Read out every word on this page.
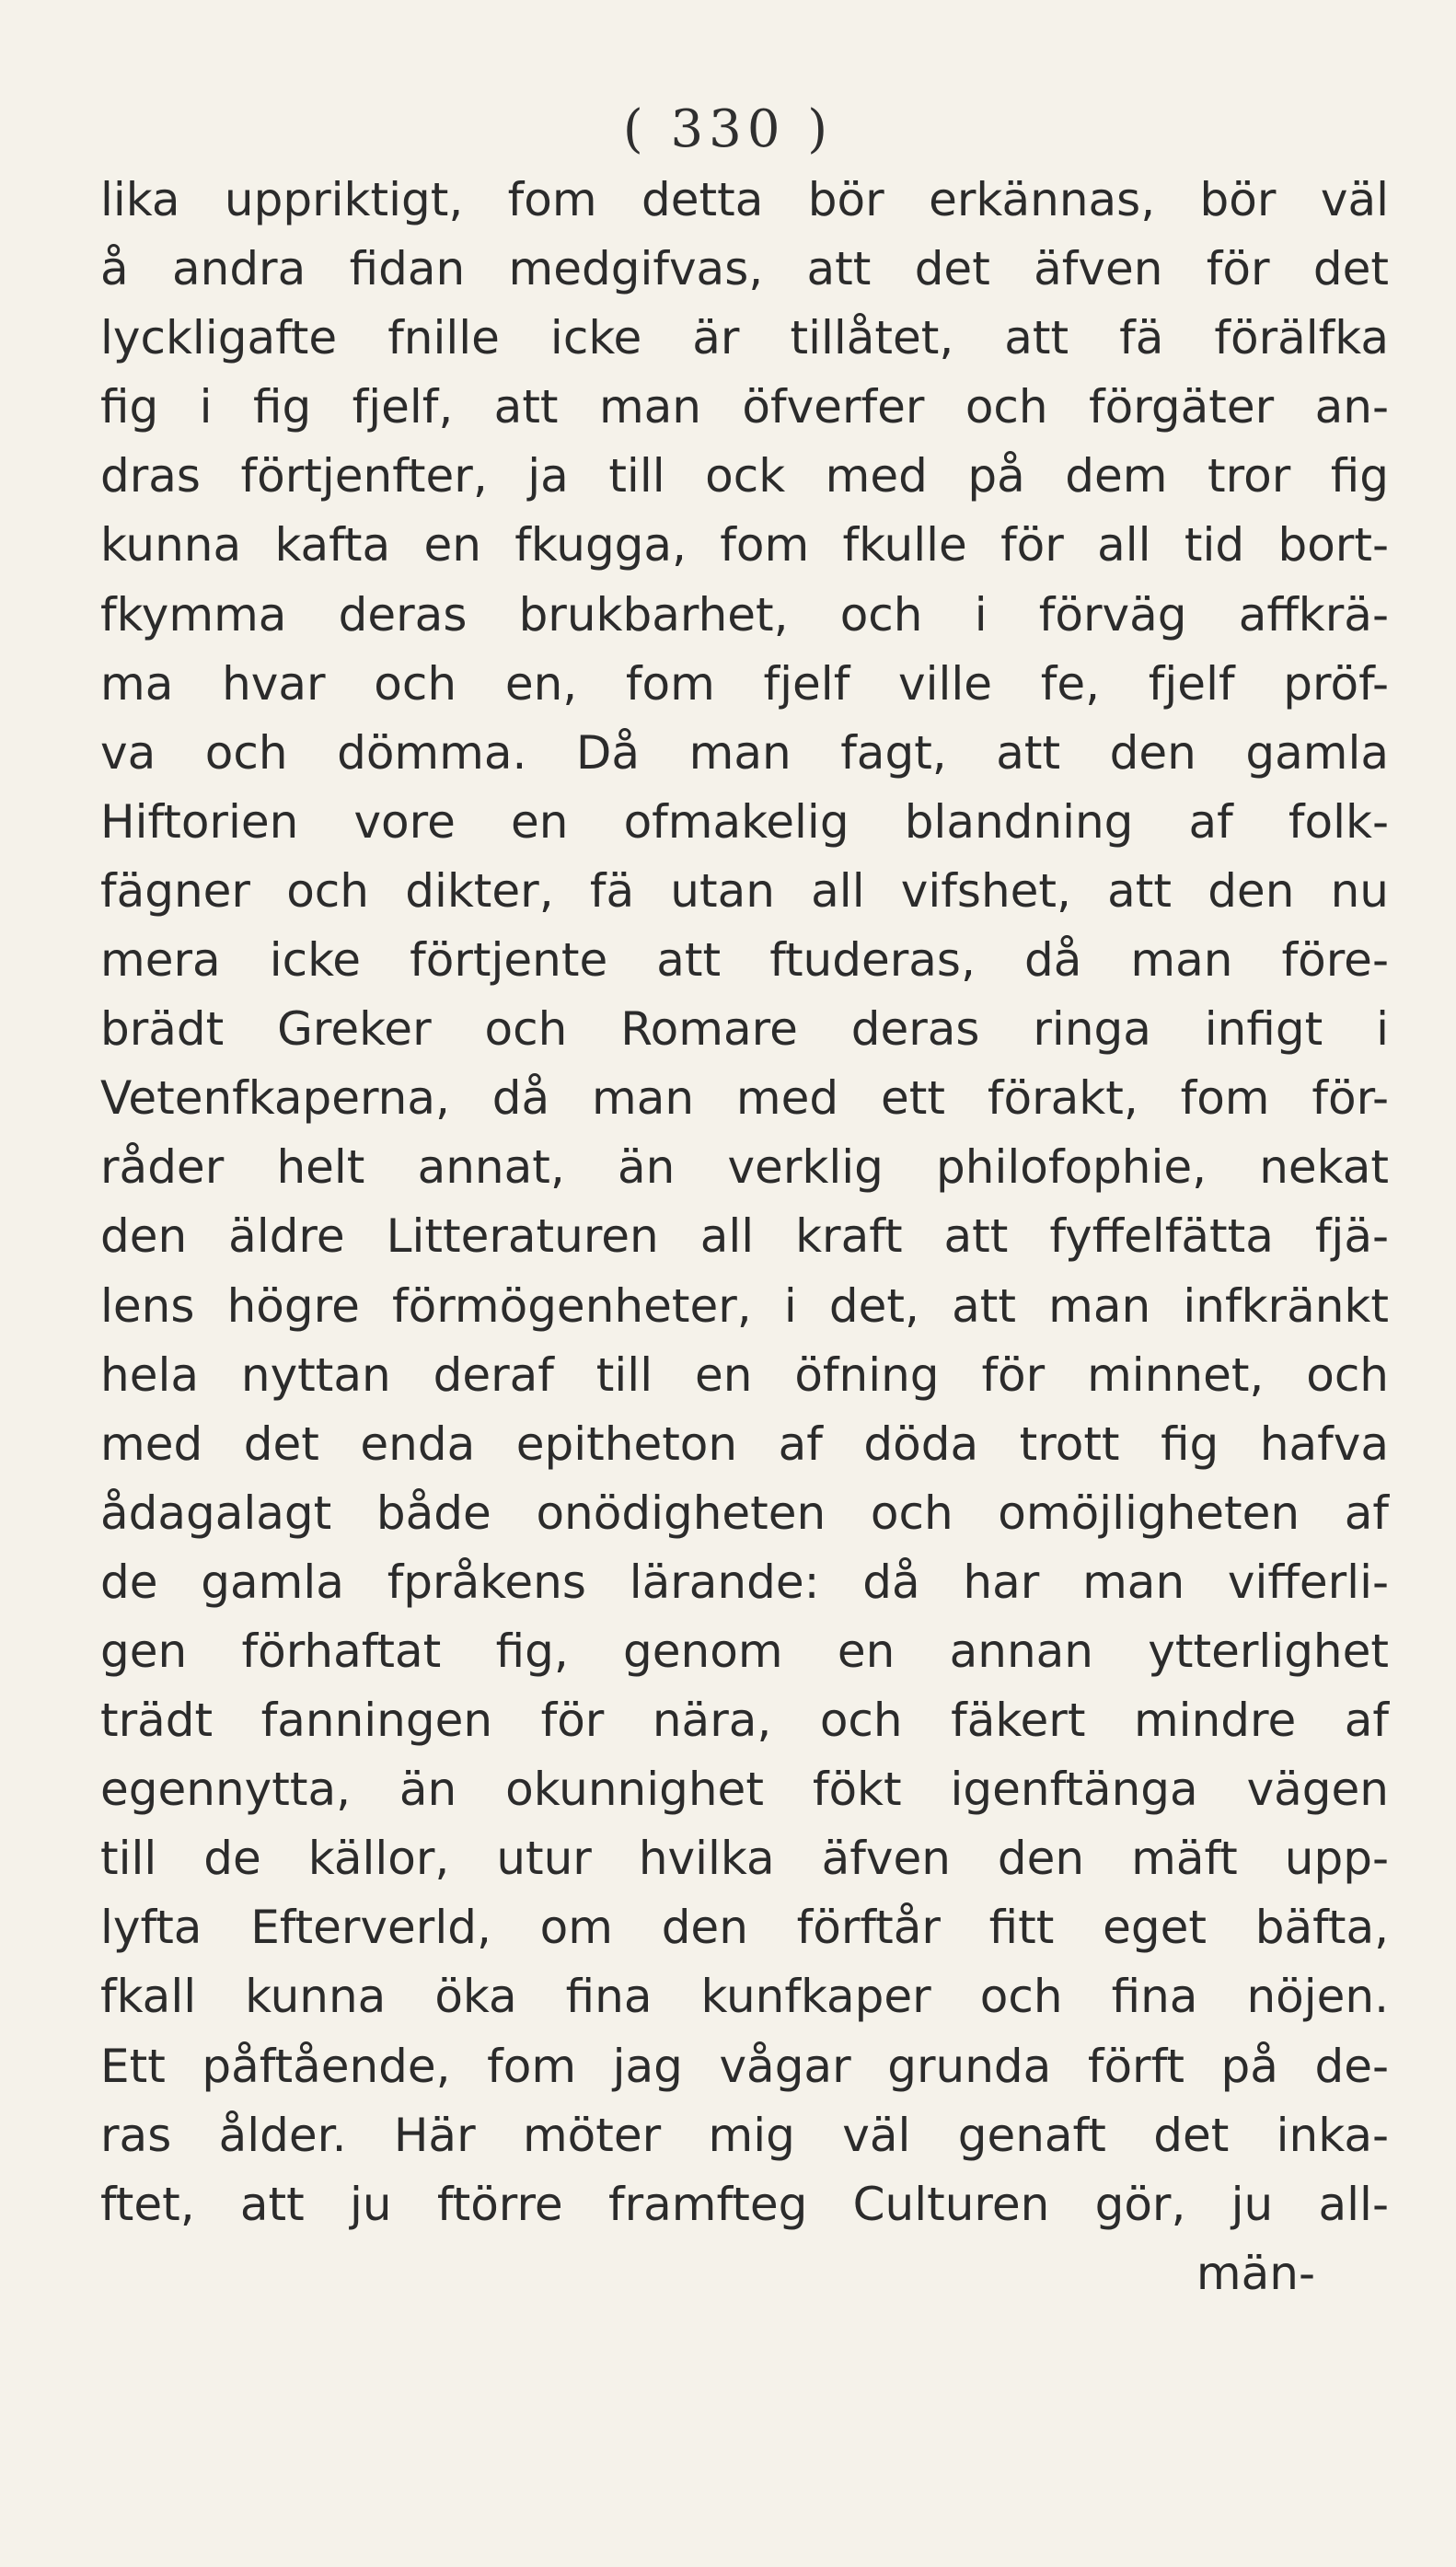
( 330 )
lika uppriktigt, fom detta bör erkännas, bör väl
å andra fidan medgifvas, att det äfven för det
lyckligafte fnille icke är tillåtet, att fä förälfka
fig i fig fjelf, att man öfverfer och förgäter an-
dras förtjenfter, ja till ock med på dem tror fig
kunna kafta en fkugga, fom fkulle för all tid bort-
fkymma deras brukbarhet, och i förväg affkrä-
ma hvar och en, fom fjelf ville fe, fjelf pröf-
va och dömma. Då man fagt, att den gamla
Hiftorien vore en ofmakelig blandning af folk-
fägner och dikter, fä utan all vifshet, att den nu
mera icke förtjente att ftuderas, då man före-
brädt Greker och Romare deras ringa infigt i
Vetenfkaperna, då man med ett förakt, fom för-
råder helt annat, än verklig philofophie, nekat
den äldre Litteraturen all kraft att fyffelfätta fjä-
lens högre förmögenheter, i det, att man infkränkt
hela nyttan deraf till en öfning för minnet, och
med det enda epitheton af döda trott fig hafva
ådagalagt både onödigheten och omöjligheten af
de gamla fpråkens lärande: då har man vifferli-
gen förhaftat fig, genom en annan ytterlighet
trädt fanningen för nära, och fäkert mindre af
egennytta, än okunnighet fökt igenftänga vägen
till de källor, utur hvilka äfven den mäft upp-
lyfta Efterverld, om den förftår fitt eget bäfta,
fkall kunna öka fina kunfkaper och fina nöjen.
Ett påftående, fom jag vågar grunda förft på de-
ras ålder. Här möter mig väl genaft det inka-
ftet, att ju ftörre framfteg Culturen gör, ju all-
män-
